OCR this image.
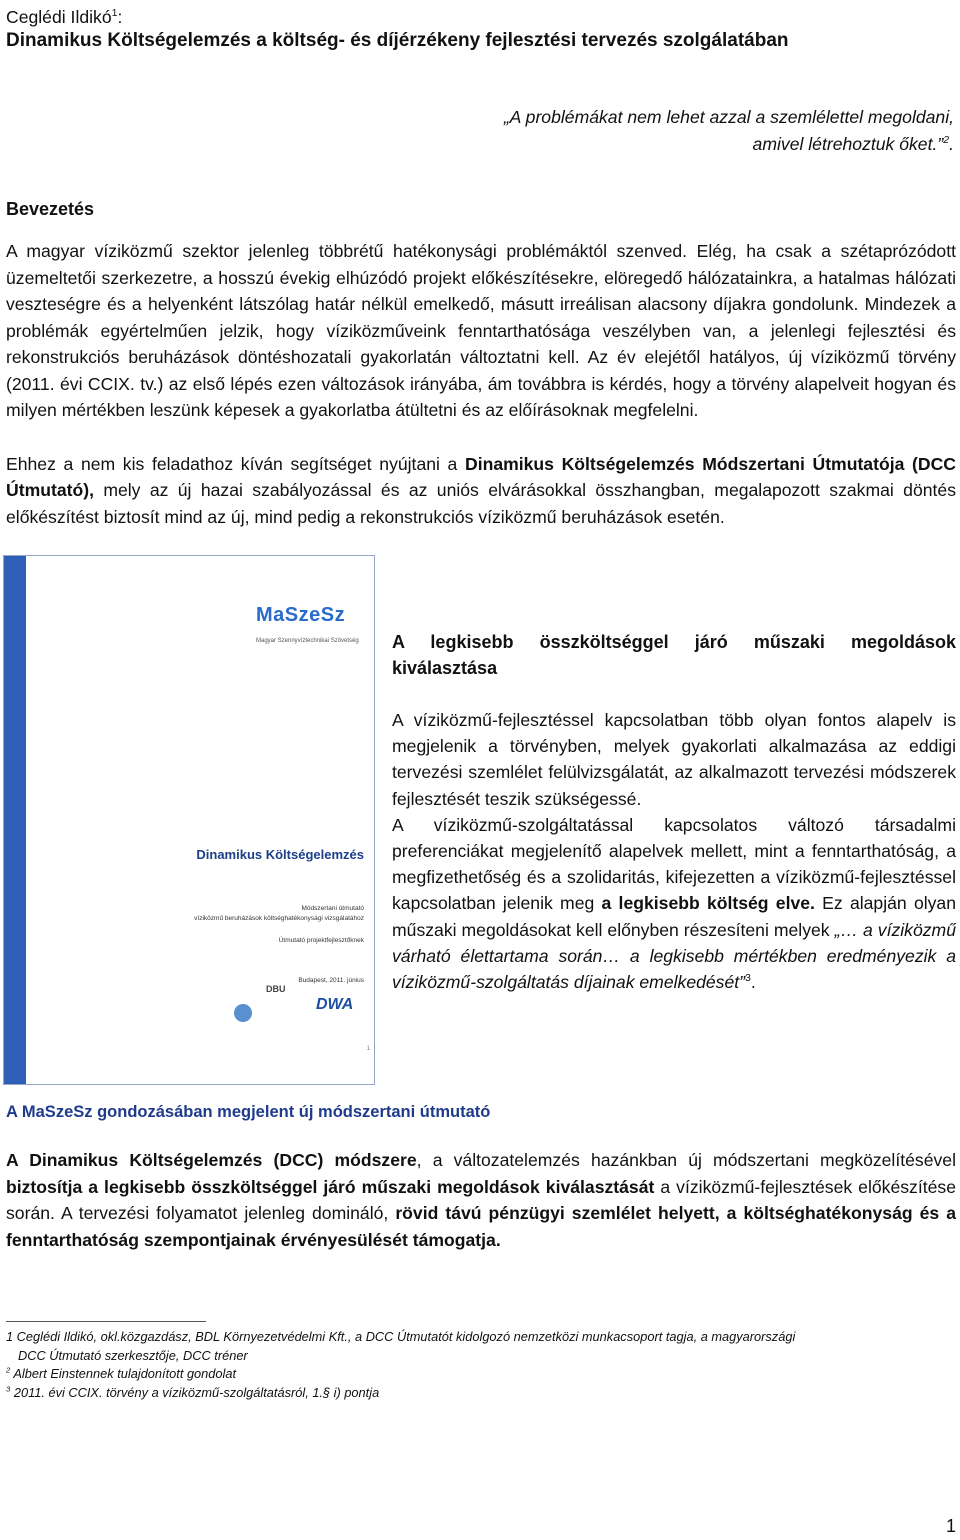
Ceglédi Ildikó$^1$:
Dinamikus Költségelemzés a költség- és díjérzékeny fejlesztési tervezés szolgálatában
„A problémákat nem lehet azzal a szemlélettel megoldani,
amivel létrehoztuk őket.”$^2$.
Bevezetés

A magyar víziközmű szektor jelenleg többrétű hatékonysági problémáktól szenved. Elég, ha csak a szétaprózódott üzemeltetői szerkezetre, a hosszú évekig elhúzódó projekt előkészítésekre, elöregedő hálózatainkra, a hatalmas hálózati veszteségre és a helyenként látszólag határ nélkül emelkedő, másutt irreálisan alacsony díjakra gondolunk. Mindezek a problémák egyértelműen jelzik, hogy víziközműveink fenntarthatósága veszélyben van, a jelenlegi fejlesztési és rekonstrukciós beruházások döntéshozatali gyakorlatán változtatni kell. Az év elejétől hatályos, új víziközmű törvény (2011. évi CCIX. tv.) az első lépés ezen változások irányába, ám továbbra is kérdés, hogy a törvény alapelveit hogyan és milyen mértékben leszünk képesek a gyakorlatba átültetni és az előírásoknak megfelelni.

Ehhez a nem kis feladathoz kíván segítséget nyújtani a Dinamikus Költségelemzés Módszertani Útmutatója (DCC Útmutató), mely az új hazai szabályozással és az uniós elvárásokkal összhangban, megalapozott szakmai döntés előkészítést biztosít mind az új, mind pedig a rekonstrukciós víziközmű beruházások esetén.

MaSzeSz
Magyar Szennyvíztechnikai Szövetség
Dinamikus Költségelemzés
Módszertani útmutató
víziközmű beruházások költséghatékonysági vizsgálatához
Útmutató projektfejlesztőknek
Budapest, 2011. június
DBU
DWA
1
A legkisebb összköltséggel járó műszaki megoldások kiválasztása

A víziközmű-fejlesztéssel kapcsolatban több olyan fontos alapelv is megjelenik a törvényben, melyek gyakorlati alkalmazása az eddigi tervezési szemlélet felülvizsgálatát, az alkalmazott tervezési módszerek fejlesztését teszik szükségessé.

A víziközmű-szolgáltatással kapcsolatos változó társadalmi preferenciákat megjelenítő alapelvek mellett, mint a fenntarthatóság, a megfizethetőség és a szolidaritás, kifejezetten a víziközmű-fejlesztéssel kapcsolatban jelenik meg a legkisebb költség elve. Ez alapján olyan műszaki megoldásokat kell előnyben részesíteni melyek „… a víziközmű várható élettartama során… a legkisebb mértékben eredményezik a víziközmű-szolgáltatás díjainak emelkedését”$^3$.

A MaSzeSz gondozásában megjelent új módszertani útmutató

A Dinamikus Költségelemzés (DCC) módszere, a változatelemzés hazánkban új módszertani megközelítésével biztosítja a legkisebb összköltséggel járó műszaki megoldások kiválasztását a víziközmű-fejlesztések előkészítése során. A tervezési folyamatot jelenleg domináló, rövid távú pénzügyi szemlélet helyett, a költséghatékonyság és a fenntarthatóság szempontjainak érvényesülését támogatja.

1 Ceglédi Ildikó, okl.közgazdász, BDL Környezetvédelmi Kft., a DCC Útmutatót kidolgozó nemzetközi munkacsoport tagja, a magyarországi
DCC Útmutató szerkesztője, DCC tréner
$^2$ Albert Einstennek tulajdonított gondolat
$^3$ 2011. évi CCIX. törvény a víziközmű-szolgáltatásról, 1.§ i) pontja
1
